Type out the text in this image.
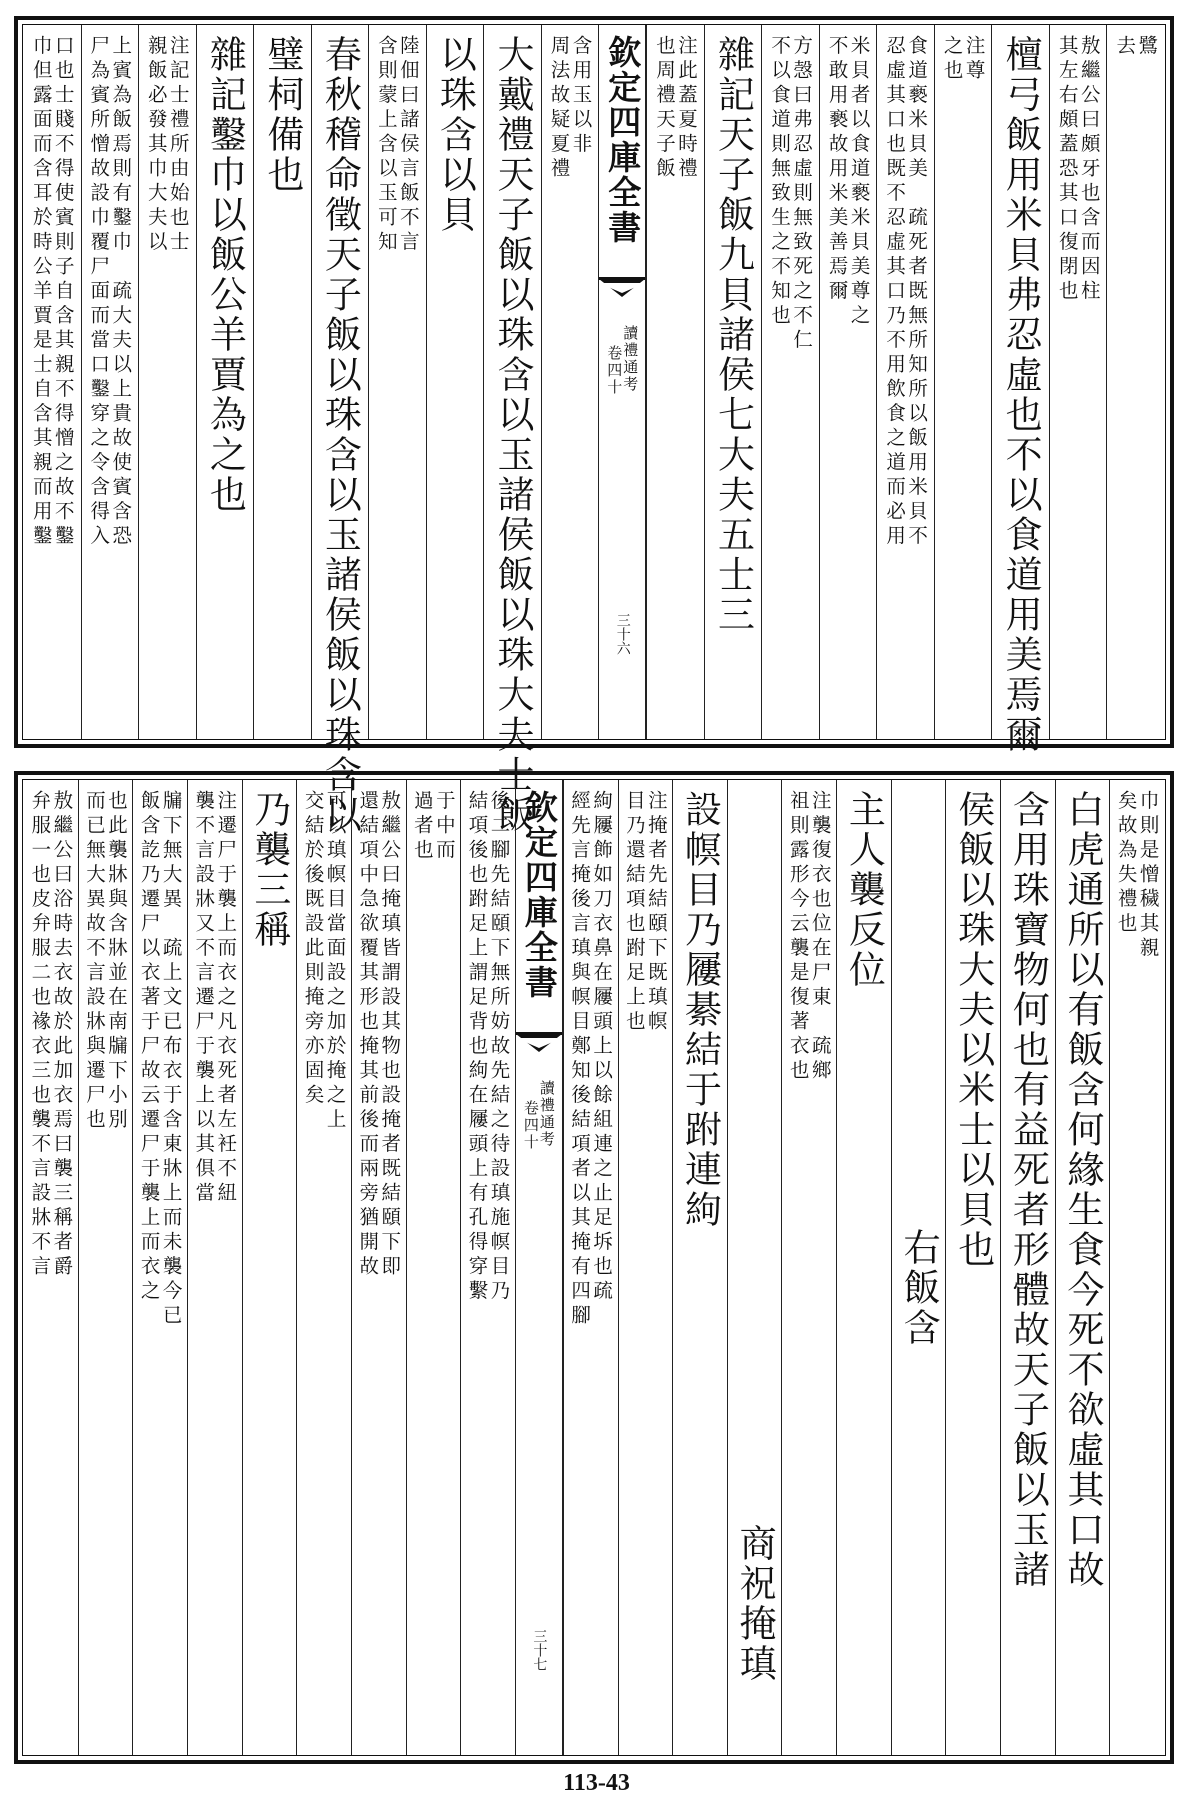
鷺
去
敖繼公曰頗牙也含而因柱
其左右頗蓋恐其口復閉也
檀弓飯用米貝弗忍虛也不以食道用美焉爾
注尊
之也
食道褻米貝美　疏死者既無所知所以飯用米貝不
忍虛其口也既不忍虛其口乃不用飲食之道而必用
米貝者以食道褻米貝美尊之
不敢用褻故用米美善焉爾
方愨曰弗忍虛則無致死之不仁
不以食道則無致生之不知也
雜記天子飯九貝諸侯七大夫五士三
注此蓋夏時禮
也周禮天子飯
欽定四庫全書
讀禮通考
卷四十
三十六
含用玉以非
周法故疑夏禮
大戴禮天子飯以珠含以玉諸侯飯以珠大夫士飯
以珠含以貝
陸佃曰諸侯言飯不言
含則蒙上含以玉可知
春秋稽命徵天子飯以珠含以玉諸侯飯以珠含以
璧柌備也
雜記鑿巾以飯公羊賈為之也
注記士禮所由始也士
親飯必發其巾大夫以
上賓為飯焉則有鑿巾　疏大夫以上貴故使賓含恐
尸為賓所憎故設巾覆尸面而當口鑿穿之令含得入
口也士賤不得使賓則子自含其親不得憎之故不鑿
巾但露面而含耳於時公羊賈是士自含其親而用鑿
巾則是憎穢其親
矣故為失禮也
白虎通所以有飯含何緣生食今死不欲虛其口故
含用珠寶物何也有益死者形體故天子飯以玉諸
侯飯以珠大夫以米士以貝也
右飯含
主人襲反位
注襲復衣也位在尸東　疏鄉
祖則露形今云襲是復著衣也
商祝掩瑱
設幎目乃屨綦結于跗連絇
注掩者先結頤下既瑱幎
目乃還結項也跗足上也
絇屨飾如刀衣鼻在屨頭上以餘組連之止足坼也疏
經先言掩後言瑱與幎目鄭知後結項者以其掩有四腳
欽定四庫全書
讀禮通考
卷四十
三十七
後二腳先結頤下無所妨故先結之待設瑱施幎目乃
結項後也跗足上謂足背也絇在屨頭上有孔得穿繫
于中而
過者也
敖繼公曰掩瑱皆謂設其物也設掩者既結頤下即
還結項中急欲覆其形也掩其前後而兩旁猶開故
可以瑱幎目當面設之加於掩之上
交結於後既設此則掩旁亦固矣
乃襲三稱
注遷尸于襲上而衣之凡衣死者左衽不紐
襲不言設牀又不言遷尸于襲上以其俱當
牖下無大異　疏上文已布衣于含東牀上而未襲今已
飯含訖乃遷尸以衣著于尸故云遷尸于襲上而衣之
也此襲牀與含牀並在南牖下小別
而已無大異故不言設牀與遷尸也
敖繼公曰浴時去衣故於此加衣焉曰襲三稱者爵
弁服一也皮弁服二也褖衣三也襲不言設牀不言
113-43
